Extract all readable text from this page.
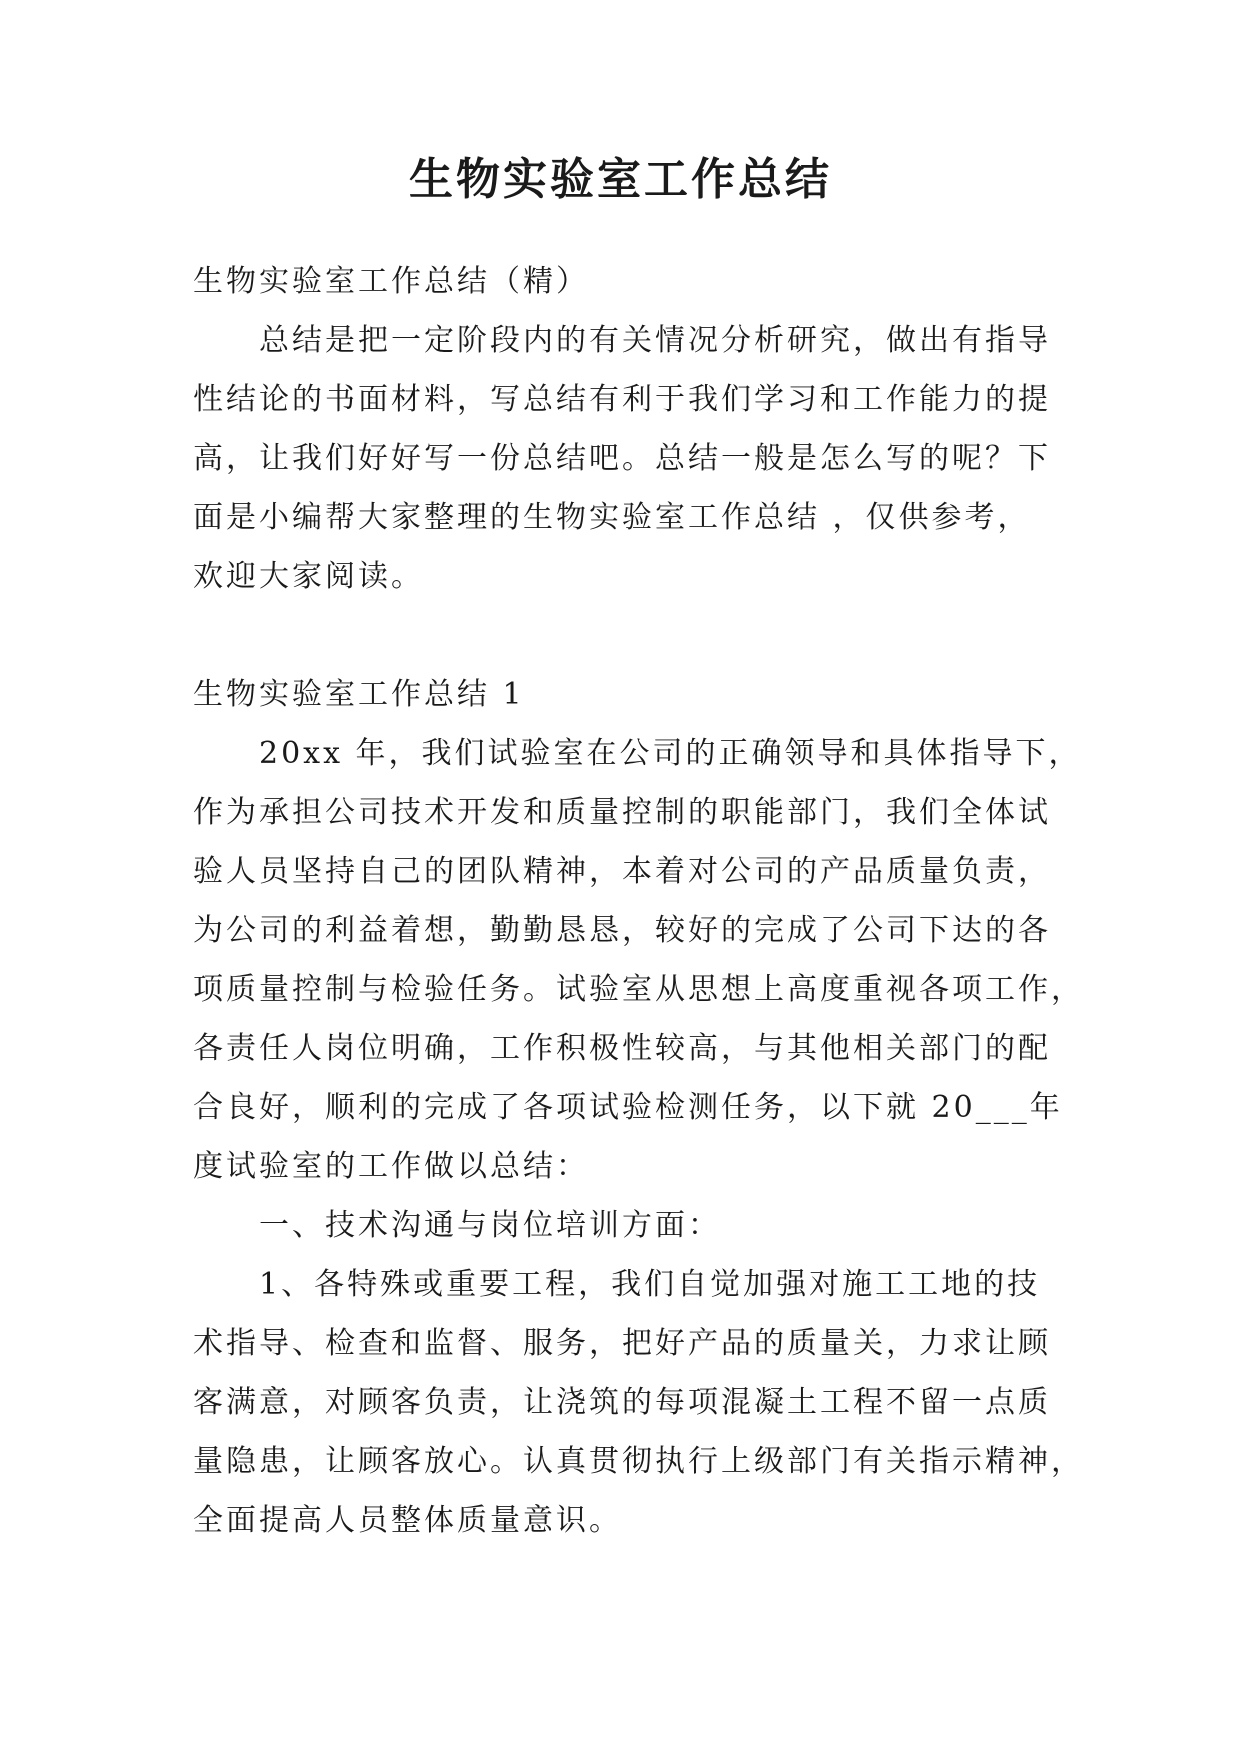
生物实验室工作总结
生物实验室工作总结（精）
总结是把一定阶段内的有关情况分析研究，做出有指导
性结论的书面材料，写总结有利于我们学习和工作能力的提
高，让我们好好写一份总结吧。总结一般是怎么写的呢？下
面是小编帮大家整理的生物实验室工作总结 ，仅供参考，
欢迎大家阅读。
生物实验室工作总结 1
20xx 年，我们试验室在公司的正确领导和具体指导下，
作为承担公司技术开发和质量控制的职能部门，我们全体试
验人员坚持自己的团队精神，本着对公司的产品质量负责，
为公司的利益着想，勤勤恳恳，较好的完成了公司下达的各
项质量控制与检验任务。试验室从思想上高度重视各项工作，
各责任人岗位明确，工作积极性较高，与其他相关部门的配
合良好，顺利的完成了各项试验检测任务，以下就 20___年
度试验室的工作做以总结：
一、技术沟通与岗位培训方面：
1、各特殊或重要工程，我们自觉加强对施工工地的技
术指导、检查和监督、服务，把好产品的质量关，力求让顾
客满意，对顾客负责，让浇筑的每项混凝土工程不留一点质
量隐患，让顾客放心。认真贯彻执行上级部门有关指示精神，
全面提高人员整体质量意识。
